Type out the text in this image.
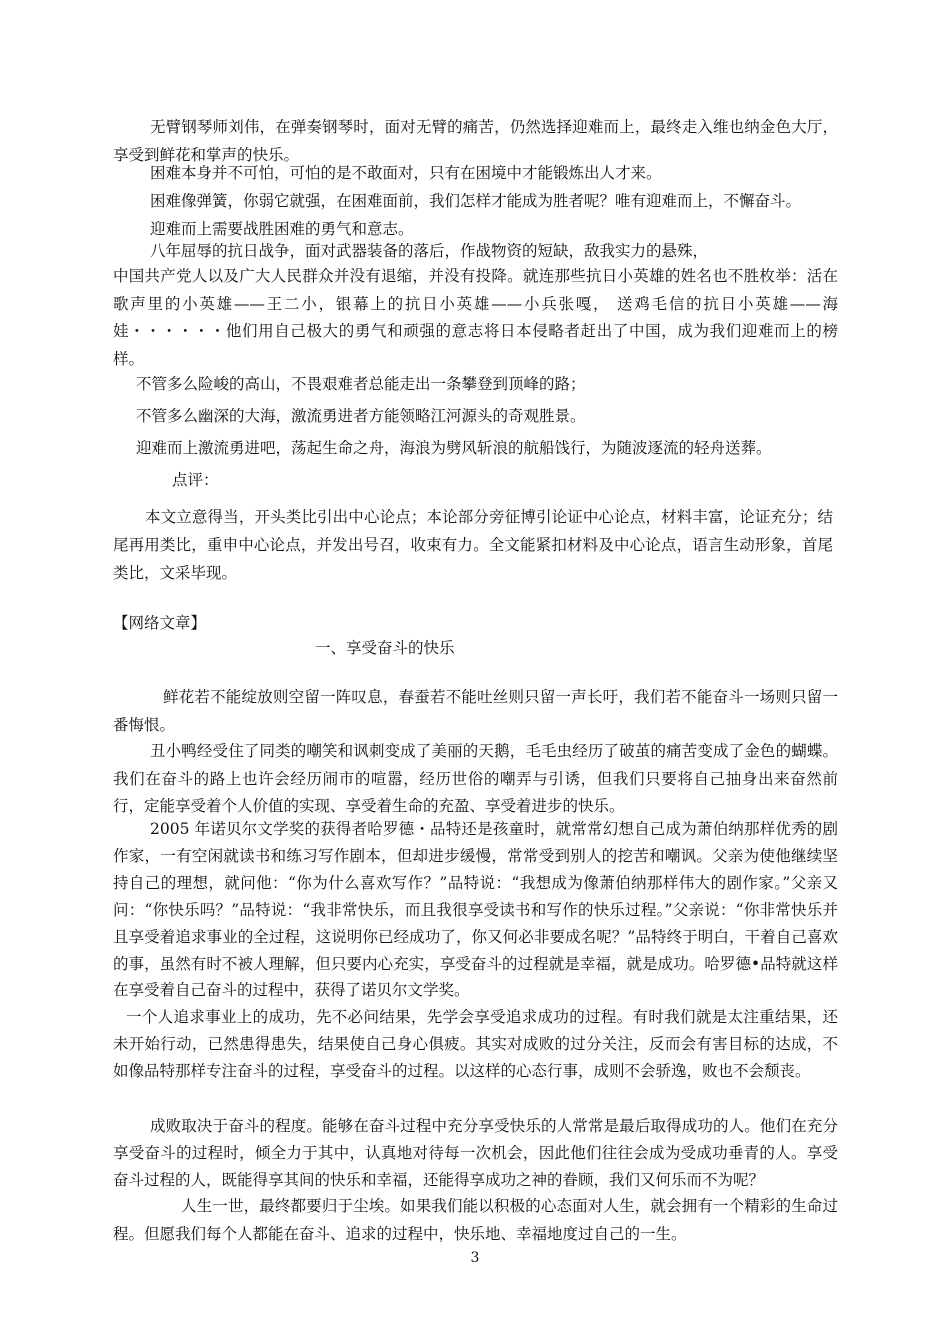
无臂钢琴师刘伟，在弹奏钢琴时，面对无臂的痛苦，仍然选择迎难而上，最终走入维也纳金色大厅，享受到鲜花和掌声的快乐。
困难本身并不可怕，可怕的是不敢面对，只有在困境中才能锻炼出人才来。
困难像弹簧，你弱它就强，在困难面前，我们怎样才能成为胜者呢？唯有迎难而上，不懈奋斗。
迎难而上需要战胜困难的勇气和意志。
八年屈辱的抗日战争，面对武器装备的落后，作战物资的短缺，敌我实力的悬殊，
中国共产党人以及广大人民群众并没有退缩，并没有投降。就连那些抗日小英雄的姓名也不胜枚举：活在歌声里的小英雄——王二小，银幕上的抗日小英雄——小兵张嘎， 送鸡毛信的抗日小英雄——海娃・・・・・・他们用自己极大的勇气和顽强的意志将日本侵略者赶出了中国，成为我们迎难而上的榜样。
不管多么险峻的高山，不畏艰难者总能走出一条攀登到顶峰的路；
不管多么幽深的大海，激流勇进者方能领略江河源头的奇观胜景。
迎难而上激流勇进吧，荡起生命之舟，海浪为劈风斩浪的航船饯行，为随波逐流的轻舟送葬。
点评：
本文立意得当，开头类比引出中心论点；本论部分旁征博引论证中心论点，材料丰富，论证充分；结尾再用类比，重申中心论点，并发出号召，收束有力。全文能紧扣材料及中心论点，语言生动形象，首尾类比，文采毕现。
【网络文章】
一、享受奋斗的快乐
鲜花若不能绽放则空留一阵叹息，春蚕若不能吐丝则只留一声长吁，我们若不能奋斗一场则只留一番悔恨。
丑小鸭经受住了同类的嘲笑和讽刺变成了美丽的天鹅，毛毛虫经历了破茧的痛苦变成了金色的蝴蝶。我们在奋斗的路上也许会经历闹市的喧嚣，经历世俗的嘲弄与引诱，但我们只要将自己抽身出来奋然前行，定能享受着个人价值的实现、享受着生命的充盈、享受着进步的快乐。
2005 年诺贝尔文学奖的获得者哈罗德・品特还是孩童时，就常常幻想自己成为萧伯纳那样优秀的剧作家，一有空闲就读书和练习写作剧本，但却进步缓慢，常常受到别人的挖苦和嘲讽。父亲为使他继续坚持自己的理想，就问他：“你为什么喜欢写作？”品特说：“我想成为像萧伯纳那样伟大的剧作家。”父亲又问：“你快乐吗？”品特说：“我非常快乐，而且我很享受读书和写作的快乐过程。”父亲说：“你非常快乐并且享受着追求事业的全过程，这说明你已经成功了，你又何必非要成名呢？”品特终于明白，干着自己喜欢的事，虽然有时不被人理解，但只要内心充实，享受奋斗的过程就是幸福，就是成功。哈罗德•品特就这样在享受着自己奋斗的过程中，获得了诺贝尔文学奖。
一个人追求事业上的成功，先不必问结果，先学会享受追求成功的过程。有时我们就是太注重结果，还未开始行动，已然患得患失，结果使自己身心俱疲。其实对成败的过分关注，反而会有害目标的达成，不如像品特那样专注奋斗的过程，享受奋斗的过程。以这样的心态行事，成则不会骄逸，败也不会颓丧。
成败取决于奋斗的程度。能够在奋斗过程中充分享受快乐的人常常是最后取得成功的人。他们在充分享受奋斗的过程时，倾全力于其中，认真地对待每一次机会，因此他们往往会成为受成功垂青的人。享受奋斗过程的人，既能得享其间的快乐和幸福，还能得享成功之神的眷顾，我们又何乐而不为呢？
人生一世，最终都要归于尘埃。如果我们能以积极的心态面对人生，就会拥有一个精彩的生命过程。但愿我们每个人都能在奋斗、追求的过程中，快乐地、幸福地度过自己的一生。
3
